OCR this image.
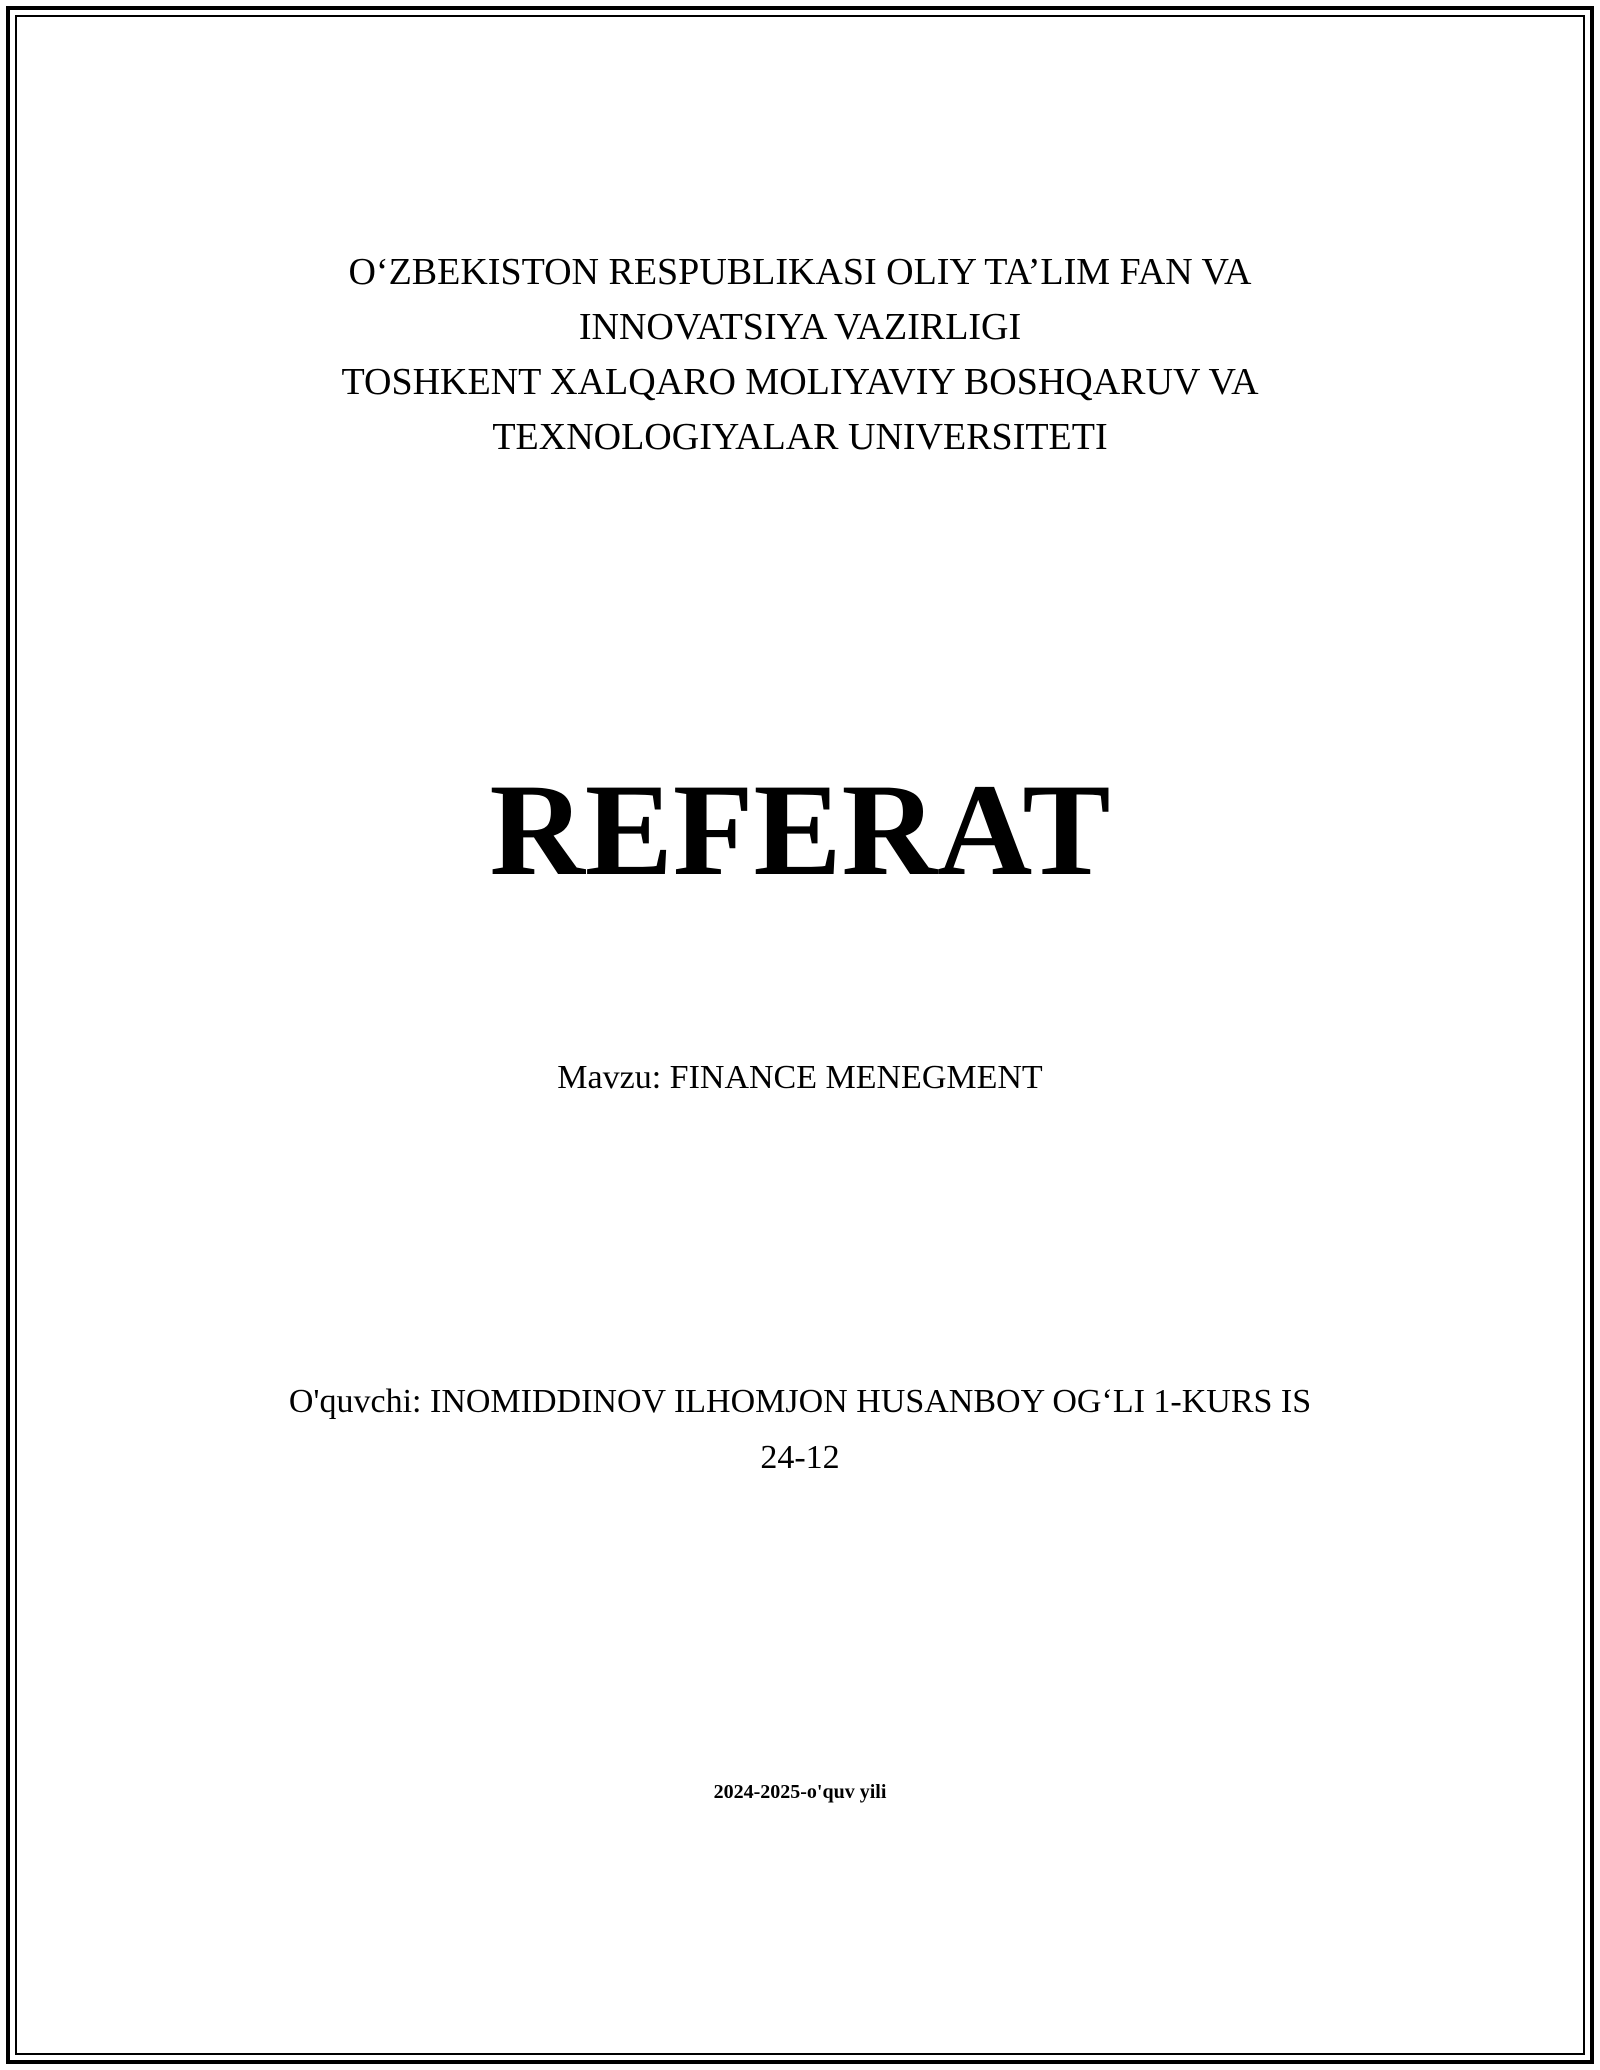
O‘ZBEKISTON RESPUBLIKASI OLIY TA’LIM FAN VA
INNOVATSIYA VAZIRLIGI
TOSHKENT XALQARO MOLIYAVIY BOSHQARUV VA
TEXNOLOGIYALAR UNIVERSITETI
REFERAT
Mavzu: FINANCE MENEGMENT
O'quvchi: INOMIDDINOV ILHOMJON HUSANBOY OG‘LI 1-KURS IS
24-12
2024-2025-o'quv yili
